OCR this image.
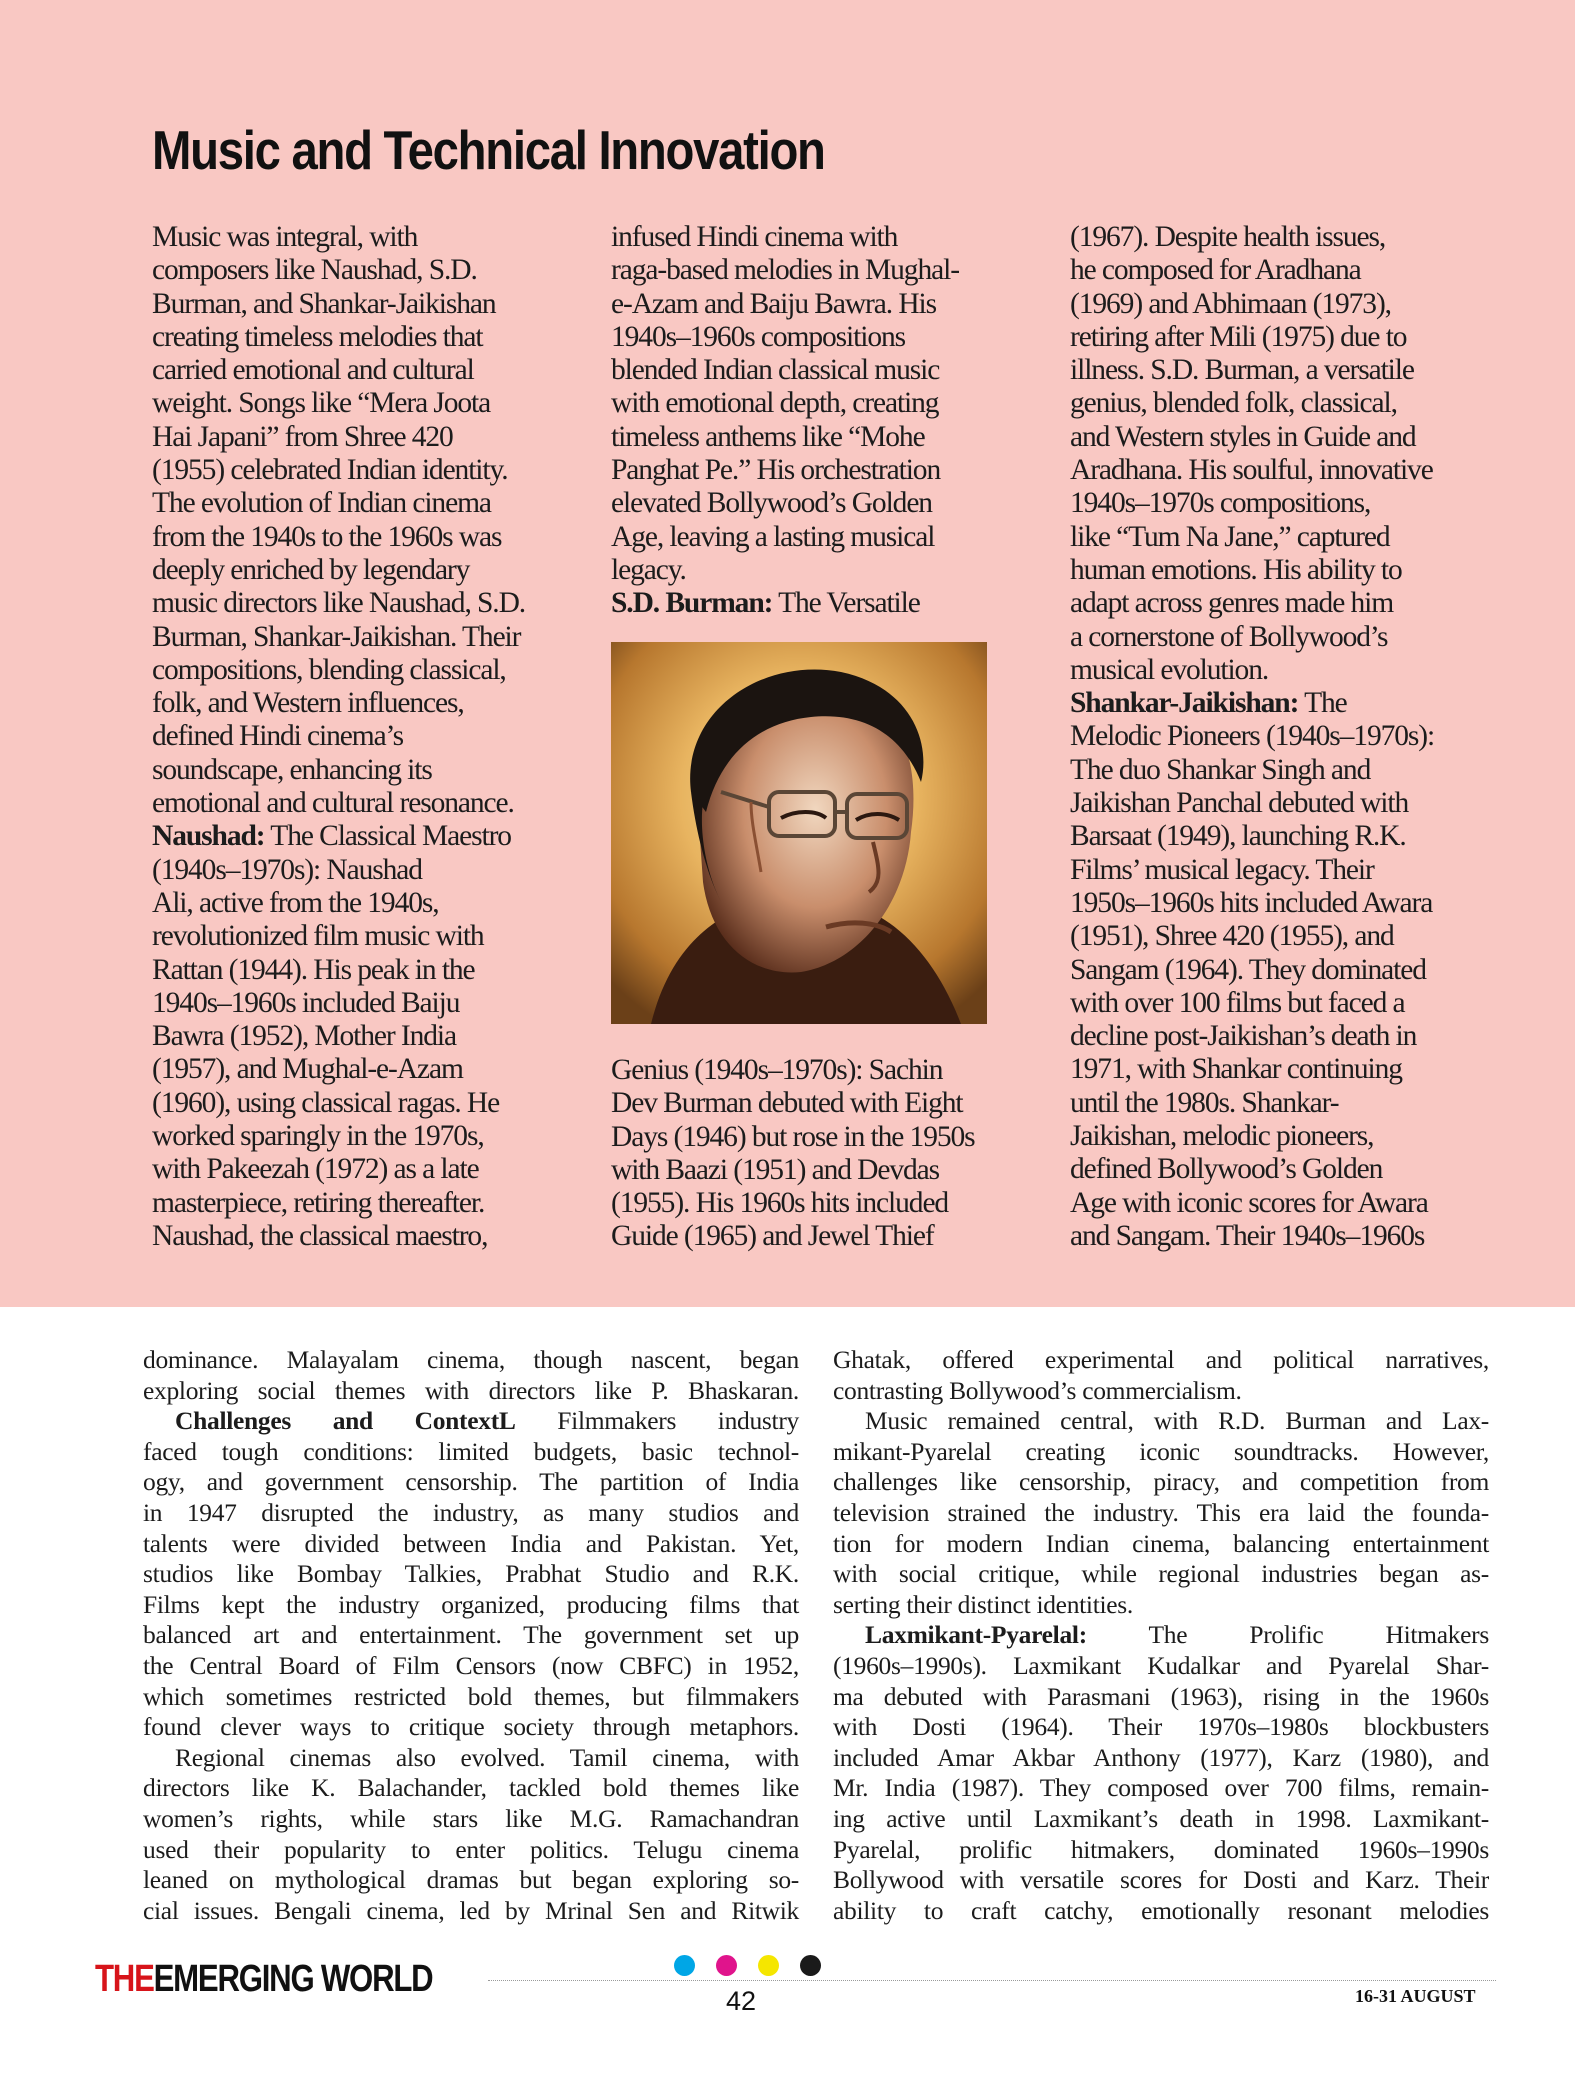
Music and Technical Innovation

Music was integral, with

composers like Naushad, S.D.

Burman, and Shankar-Jaikishan

creating timeless melodies that

carried emotional and cultural

weight. Songs like “Mera Joota

Hai Japani” from Shree 420

(1955) celebrated Indian identity.

The evolution of Indian cinema

from the 1940s to the 1960s was

deeply enriched by legendary

music directors like Naushad, S.D.

Burman, Shankar-Jaikishan. Their

compositions, blending classical,

folk, and Western influences,

defined Hindi cinema’s

soundscape, enhancing its

emotional and cultural resonance.

Naushad: The Classical Maestro

(1940s–1970s): Naushad

Ali, active from the 1940s,

revolutionized film music with

Rattan (1944). His peak in the

1940s–1960s included Baiju

Bawra (1952), Mother India

(1957), and Mughal-e-Azam

(1960), using classical ragas. He

worked sparingly in the 1970s,

with Pakeezah (1972) as a late

masterpiece, retiring thereafter.

Naushad, the classical maestro,

infused Hindi cinema with

raga-based melodies in Mughal-

e-Azam and Baiju Bawra. His

1940s–1960s compositions

blended Indian classical music

with emotional depth, creating

timeless anthems like “Mohe

Panghat Pe.” His orchestration

elevated Bollywood’s Golden

Age, leaving a lasting musical

legacy.

S.D. Burman: The Versatile

Genius (1940s–1970s): Sachin

Dev Burman debuted with Eight

Days (1946) but rose in the 1950s

with Baazi (1951) and Devdas

(1955). His 1960s hits included

Guide (1965) and Jewel Thief

(1967). Despite health issues,

he composed for Aradhana

(1969) and Abhimaan (1973),

retiring after Mili (1975) due to

illness. S.D. Burman, a versatile

genius, blended folk, classical,

and Western styles in Guide and

Aradhana. His soulful, innovative

1940s–1970s compositions,

like “Tum Na Jane,” captured

human emotions. His ability to

adapt across genres made him

a cornerstone of Bollywood’s

musical evolution.

Shankar-Jaikishan: The

Melodic Pioneers (1940s–1970s):

The duo Shankar Singh and

Jaikishan Panchal debuted with

Barsaat (1949), launching R.K.

Films’ musical legacy. Their

1950s–1960s hits included Awara

(1951), Shree 420 (1955), and

Sangam (1964). They dominated

with over 100 films but faced a

decline post-Jaikishan’s death in

1971, with Shankar continuing

until the 1980s. Shankar-

Jaikishan, melodic pioneers,

defined Bollywood’s Golden

Age with iconic scores for Awara

and Sangam. Their 1940s–1960s

dominance. Malayalam cinema, though nascent, began
exploring social themes with directors like P. Bhaskaran.
Challenges and ContextL Filmmakers industry
faced tough conditions: limited budgets, basic technol-
ogy, and government censorship. The partition of India
in 1947 disrupted the industry, as many studios and
talents were divided between India and Pakistan. Yet,
studios like Bombay Talkies, Prabhat Studio and R.K.
Films kept the industry organized, producing films that
balanced art and entertainment. The government set up
the Central Board of Film Censors (now CBFC) in 1952,
which sometimes restricted bold themes, but filmmakers
found clever ways to critique society through metaphors.
Regional cinemas also evolved. Tamil cinema, with
directors like K. Balachander, tackled bold themes like
women’s rights, while stars like M.G. Ramachandran
used their popularity to enter politics. Telugu cinema
leaned on mythological dramas but began exploring so-
cial issues. Bengali cinema, led by Mrinal Sen and Ritwik
Ghatak, offered experimental and political narratives,
contrasting Bollywood’s commercialism.
Music remained central, with R.D. Burman and Lax-
mikant-Pyarelal creating iconic soundtracks. However,
challenges like censorship, piracy, and competition from
television strained the industry. This era laid the founda-
tion for modern Indian cinema, balancing entertainment
with social critique, while regional industries began as-
serting their distinct identities.
Laxmikant-Pyarelal: The Prolific Hitmakers
(1960s–1990s). Laxmikant Kudalkar and Pyarelal Shar-
ma debuted with Parasmani (1963), rising in the 1960s
with Dosti (1964). Their 1970s–1980s blockbusters
included Amar Akbar Anthony (1977), Karz (1980), and
Mr. India (1987). They composed over 700 films, remain-
ing active until Laxmikant’s death in 1998. Laxmikant-
Pyarelal, prolific hitmakers, dominated 1960s–1990s
Bollywood with versatile scores for Dosti and Karz. Their
ability to craft catchy, emotionally resonant melodies
THEEMERGING WORLD
42	16-31 AUGUST
